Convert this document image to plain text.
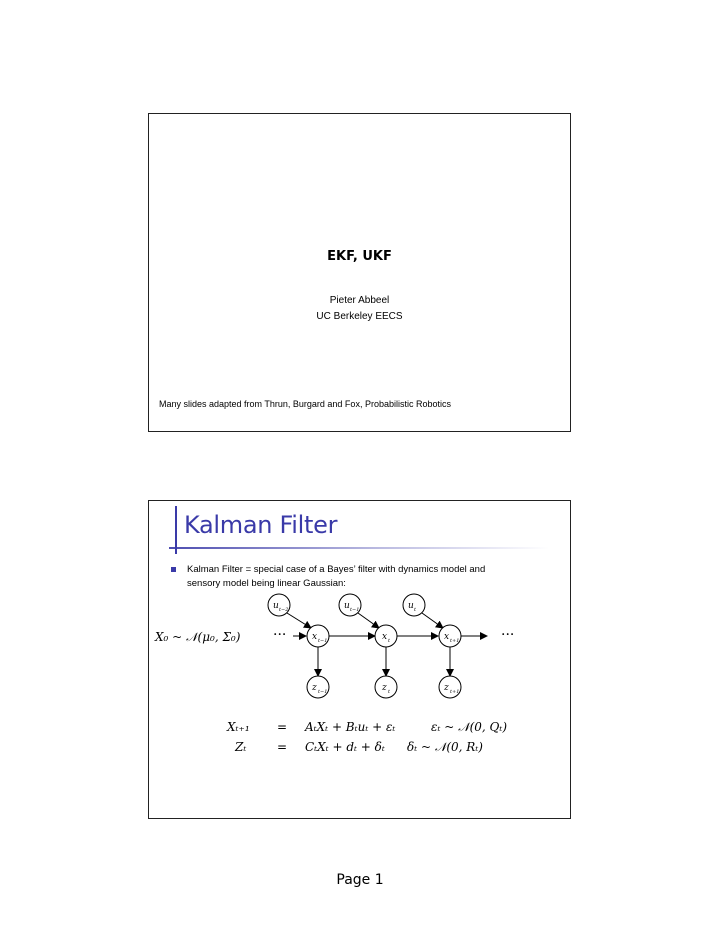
EKF, UKF
Pieter Abbeel
UC Berkeley EECS
Many slides adapted from Thrun, Burgard and Fox, Probabilistic Robotics
Kalman Filter
Kalman Filter = special case of a Bayes’ filter with dynamics model and
sensory model being linear Gaussian:
X₀ ~ 𝒩(μ₀, Σ₀) ···	···
u t−2	u t−1	u t
x t−1	x t	x t+1
z t−1	z t	z t+1
Xₜ₊₁ = AₜXₜ + Bₜuₜ + εₜ	εₜ ~ 𝒩(0, Qₜ)
Zₜ	= CₜXₜ + dₜ + δₜ δₜ ~ 𝒩(0, Rₜ)
Page 1
